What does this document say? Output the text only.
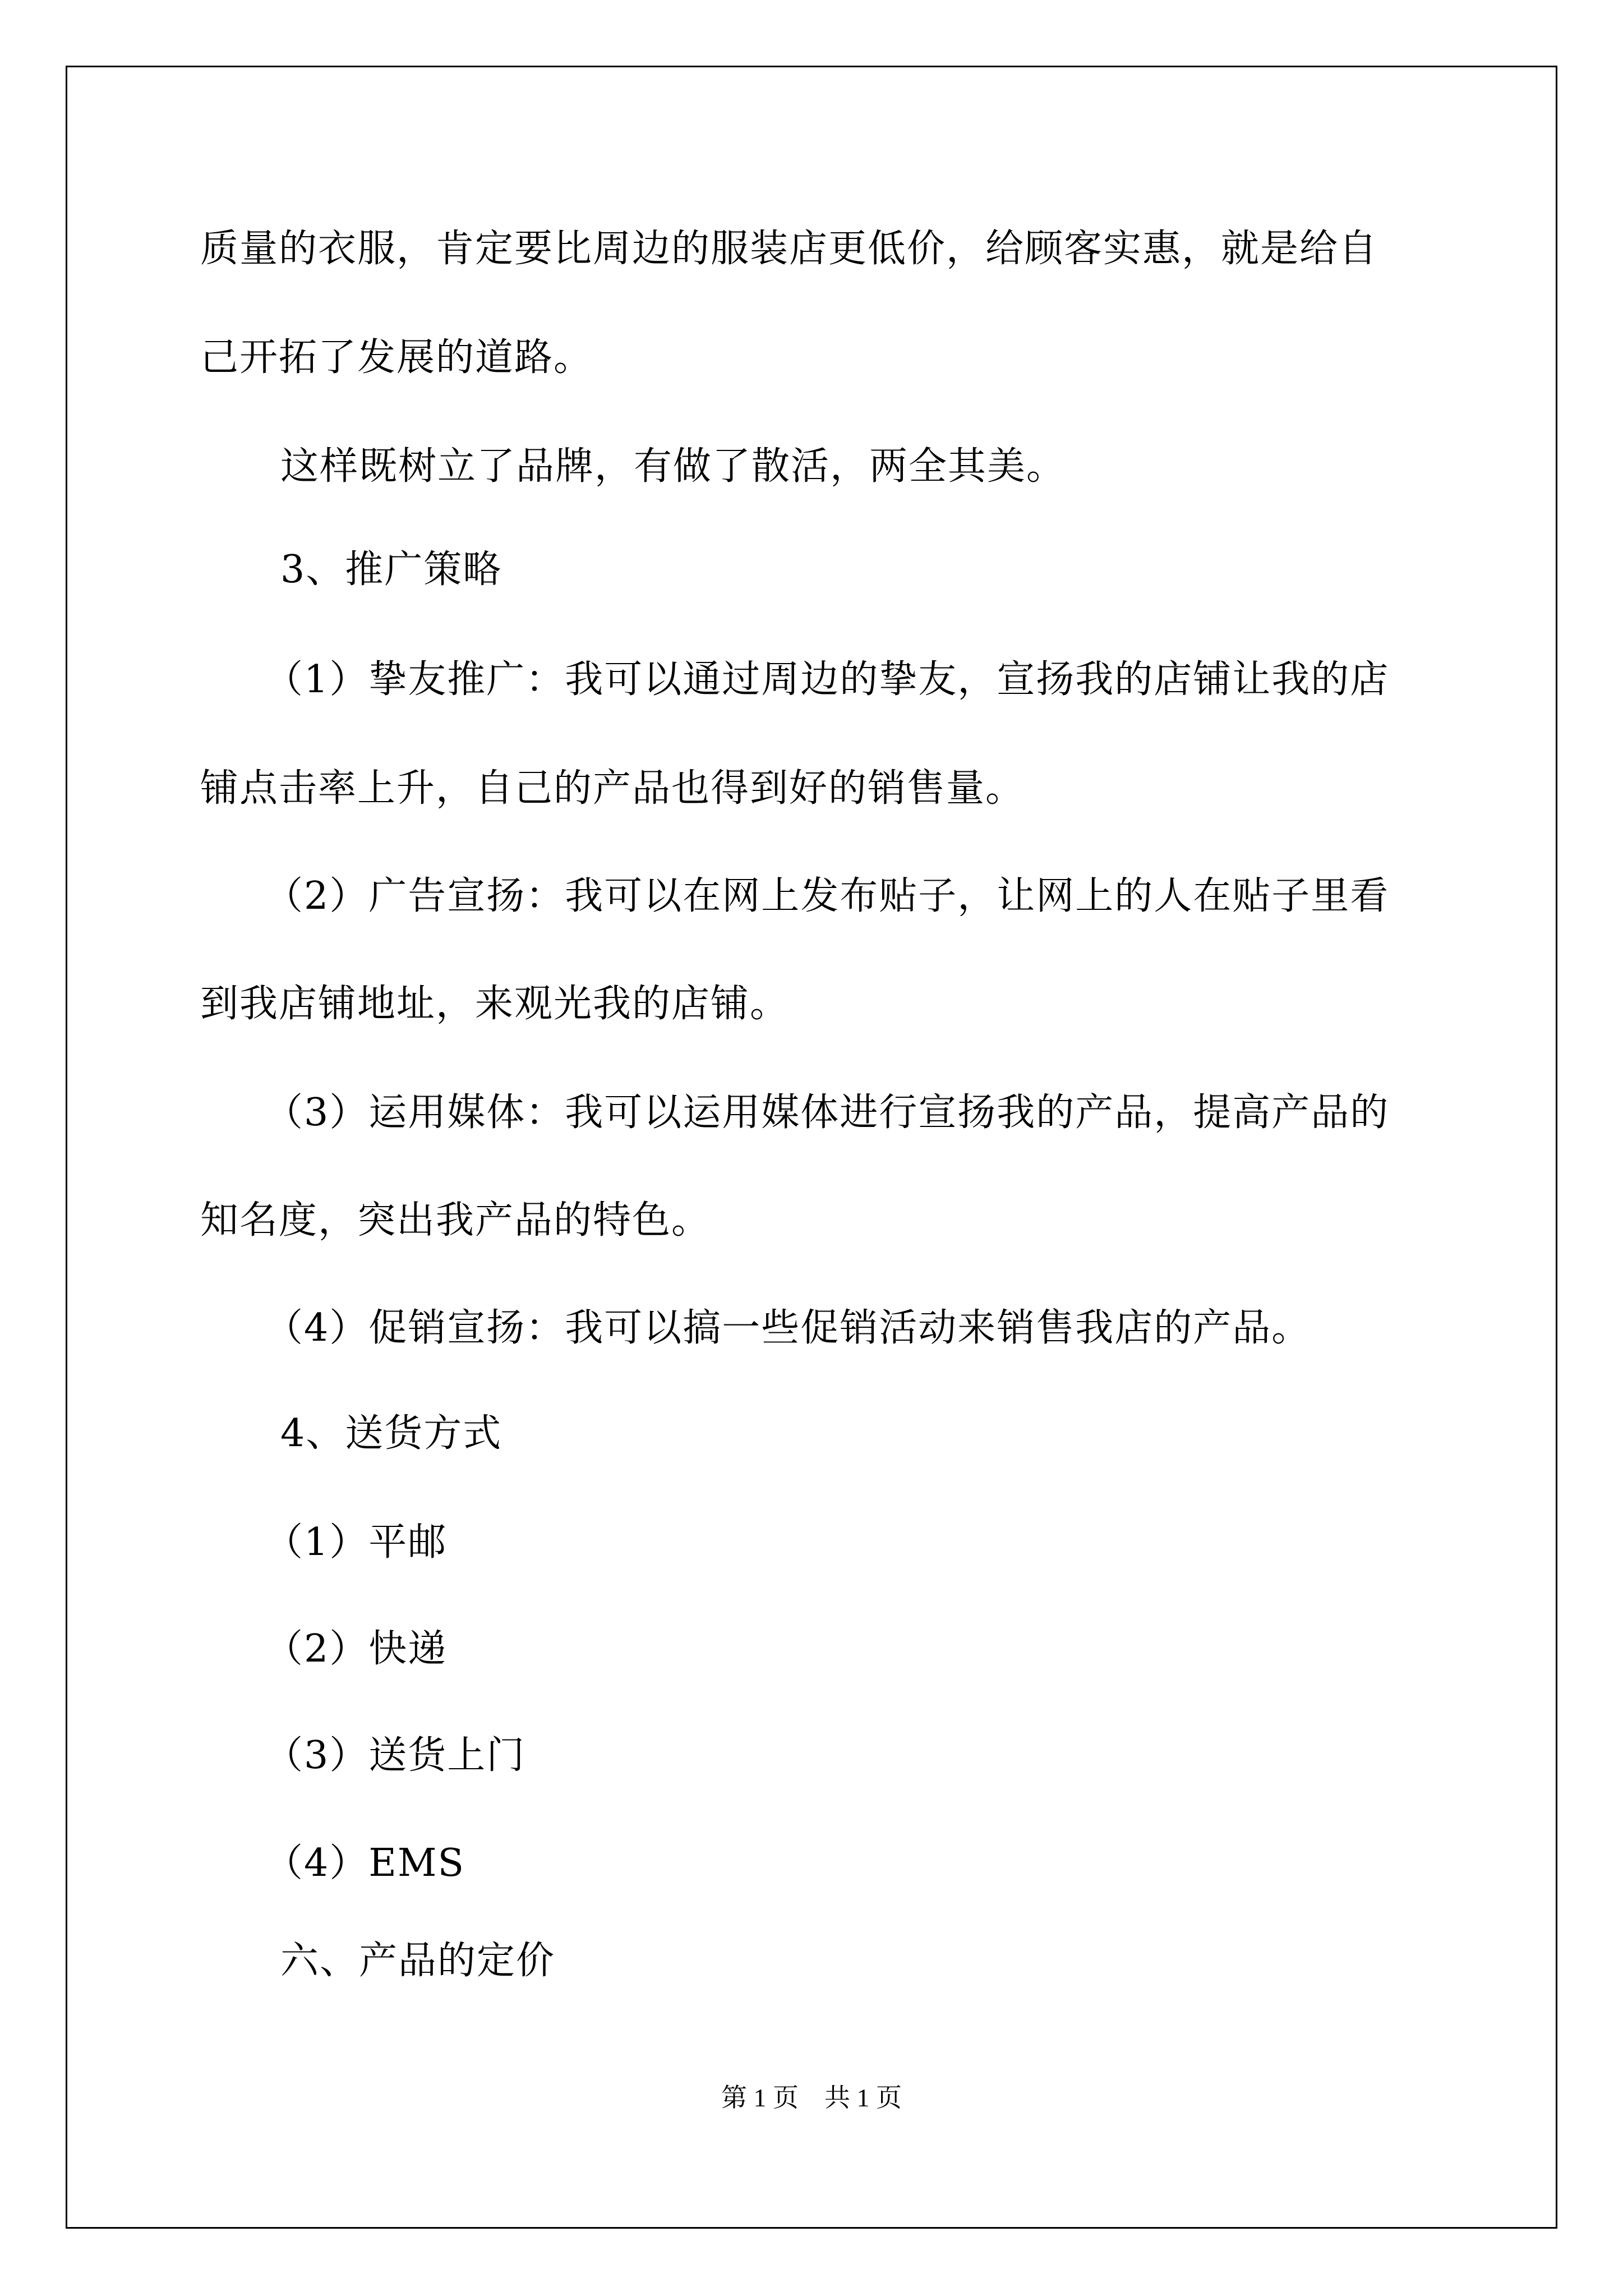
质量的衣服，肯定要比周边的服装店更低价，给顾客实惠，就是给自
己开拓了发展的道路。
这样既树立了品牌，有做了散活，两全其美。
3、推广策略
（1）挚友推广：我可以通过周边的挚友，宣扬我的店铺让我的店
铺点击率上升，自己的产品也得到好的销售量。
（2）广告宣扬：我可以在网上发布贴子，让网上的人在贴子里看
到我店铺地址，来观光我的店铺。
（3）运用媒体：我可以运用媒体进行宣扬我的产品，提高产品的
知名度，突出我产品的特色。
（4）促销宣扬：我可以搞一些促销活动来销售我店的产品。
4、送货方式
（1）平邮
（2）快递
（3）送货上门
（4）EMS
六、产品的定价
第 1 页　共 1 页
